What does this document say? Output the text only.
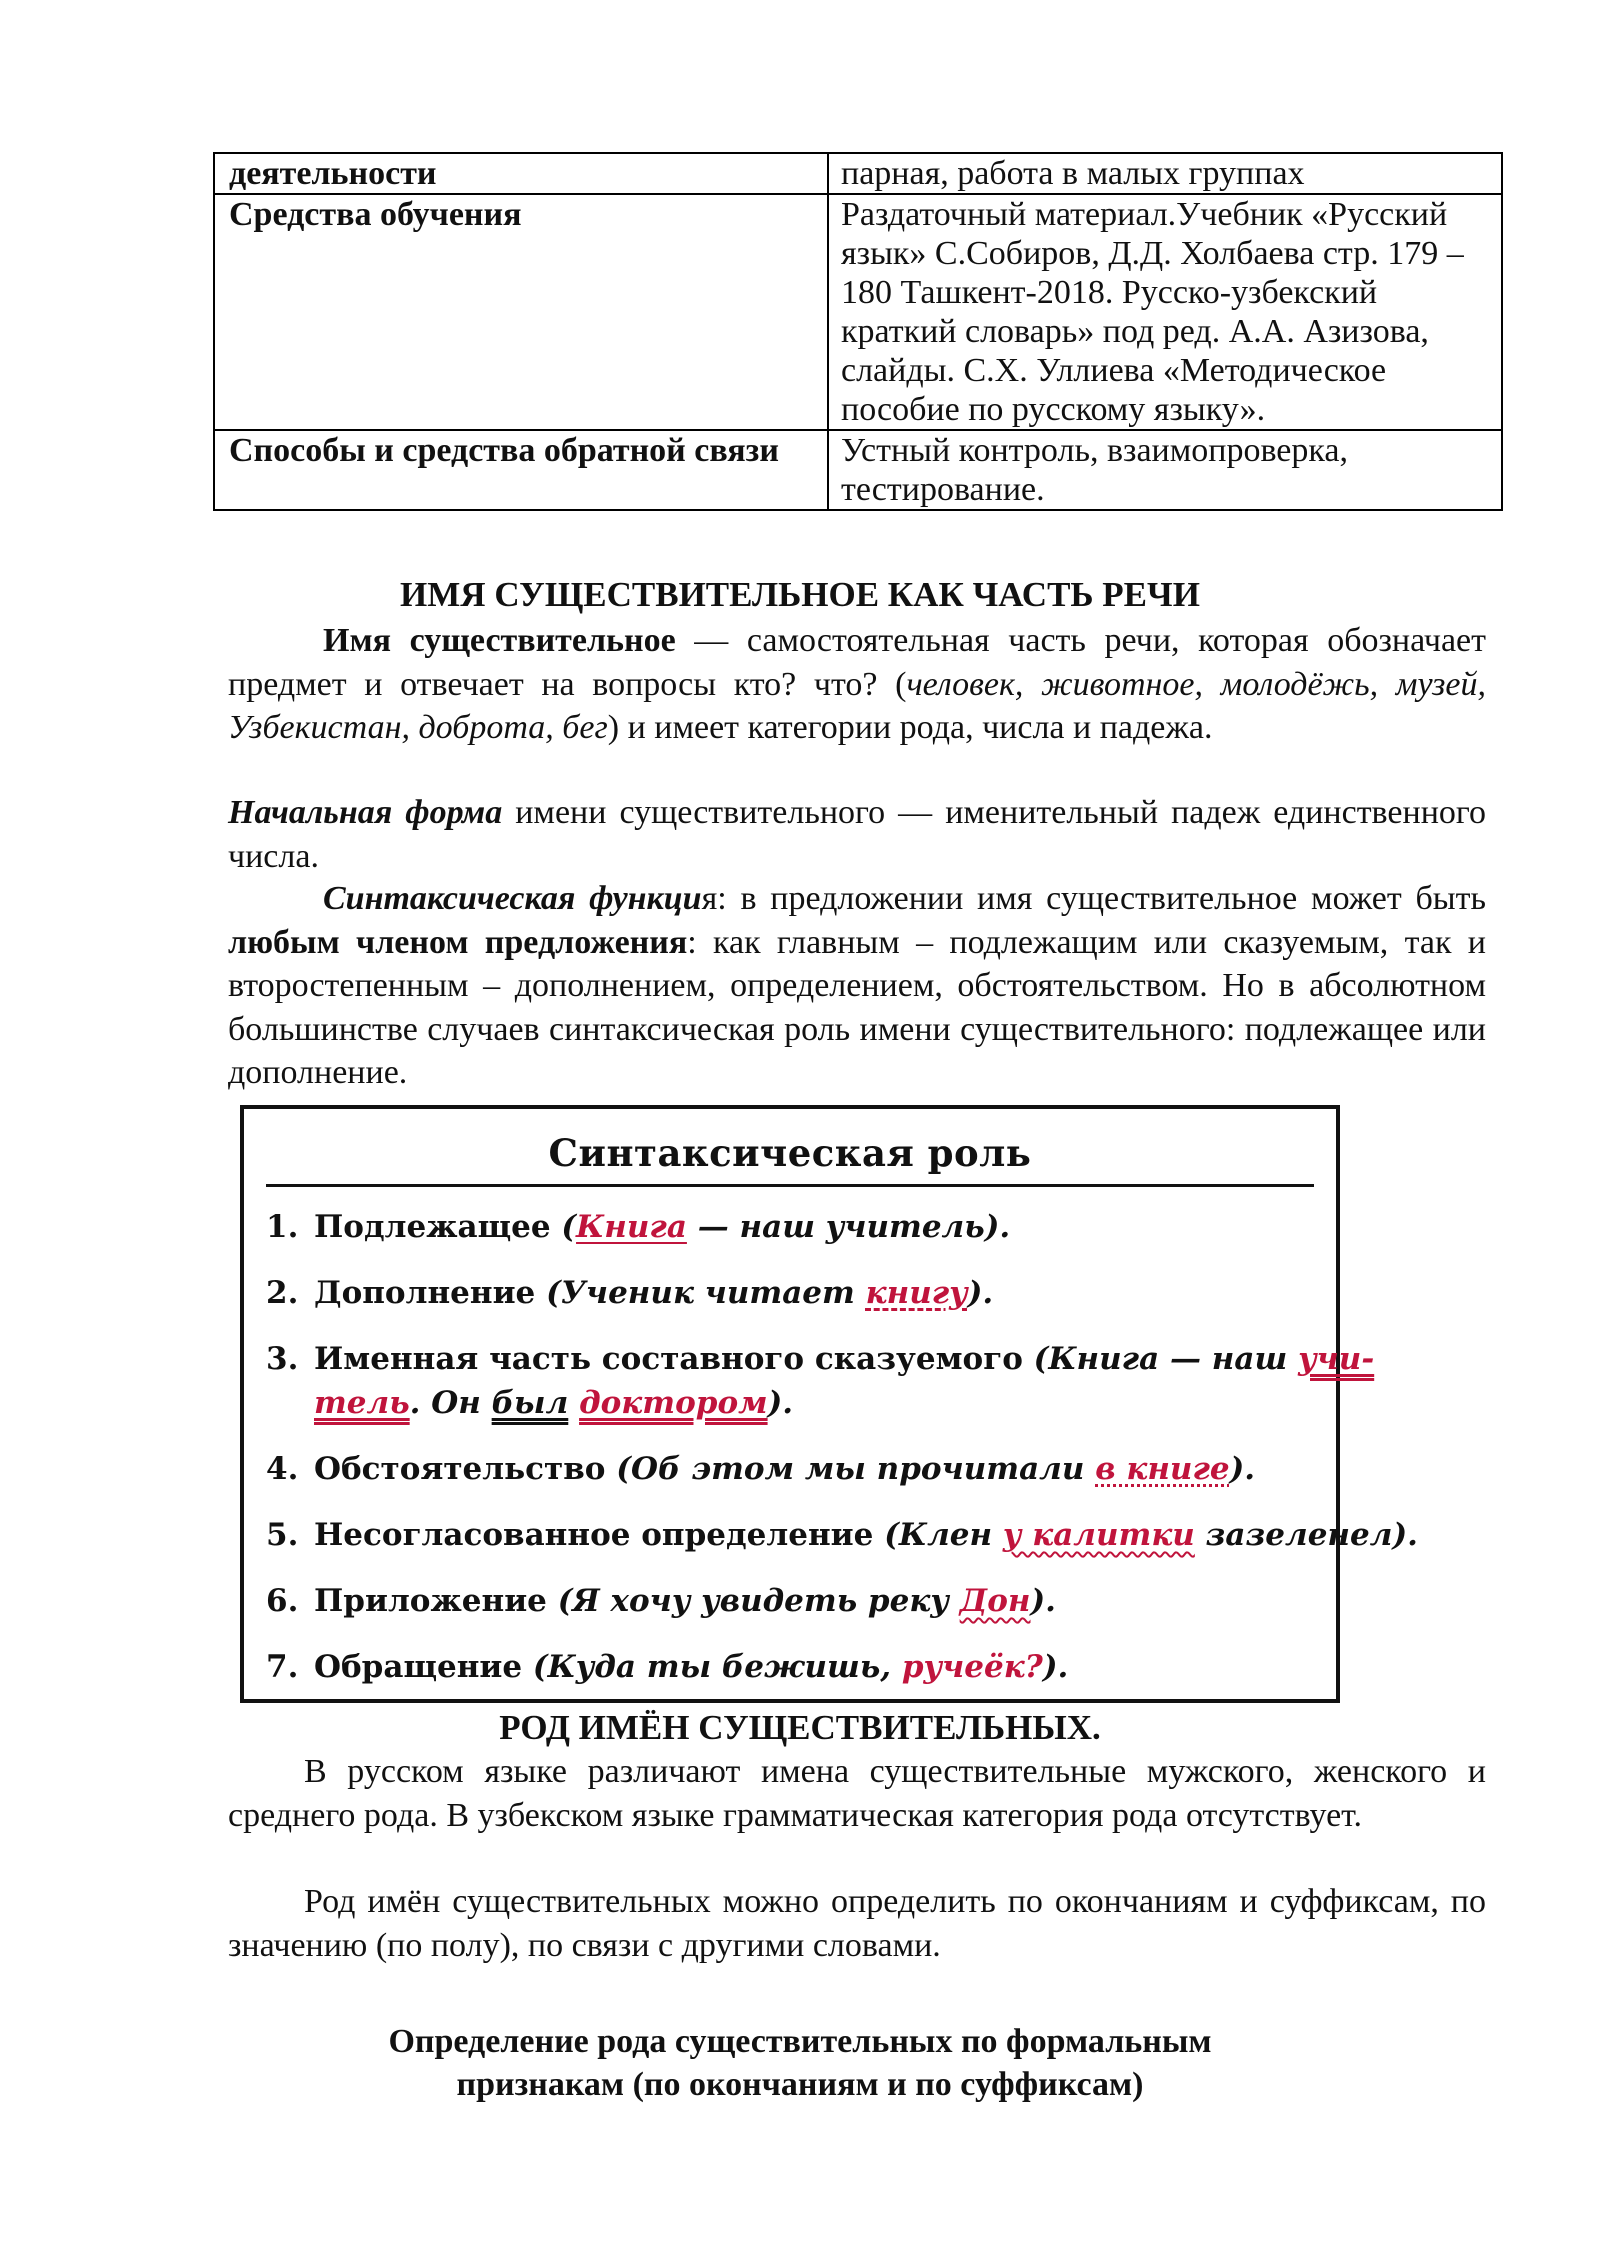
деятельности	парная, работа в малых группах
Средства обучения	Раздаточный материал.Учебник «Русский язык» С.Собиров, Д.Д. Холбаева стр. 179 – 180 Ташкент-2018. Русско-узбекский краткий словарь» под ред. А.А. Азизова, слайды. С.Х. Уллиева «Методическое пособие по русскому языку».
Способы и средства обратной связи	Устный контроль, взаимопроверка, тестирование.
ИМЯ СУЩЕСТВИТЕЛЬНОЕ КАК ЧАСТЬ РЕЧИ

Имя существительное — самостоятельная часть речи, которая обозначает предмет и отвечает на вопросы кто? что? (человек, животное, молодёжь, музей, Узбекистан, доброта, бег) и имеет категории рода, числа и падежа.

Начальная форма имени существительного — именительный падеж единственного числа.

Синтаксическая функция: в предложении имя существительное может быть любым членом предложения: как главным – подлежащим или сказуемым, так и второстепенным – дополнением, определением, обстоятельством. Но в абсолютном большинстве случаев синтаксическая роль имени существительного: подлежащее или дополнение.

Синтаксическая роль
1. Подлежащее (Книга — наш учитель).
2. Дополнение (Ученик читает книгу).
3. Именная часть составного сказуемого (Книга — наш учи-
тель. Он был доктором).
4. Обстоятельство (Об этом мы прочитали в книге).
5. Несогласованное определение (Клен у калитки зазеленел).
6. Приложение (Я хочу увидеть реку Дон).
7. Обращение (Куда ты бежишь, ручеёк?).
РОД ИМЁН СУЩЕСТВИТЕЛЬНЫХ.

В русском языке различают имена существительные мужского, женского и среднего рода. В узбекском языке грамматическая категория рода отсутствует.

Род имён существительных можно определить по окончаниям и суффиксам, по значению (по полу), по связи с другими словами.

Определение рода существительных по формальным
признакам (по окончаниям и по суффиксам)
